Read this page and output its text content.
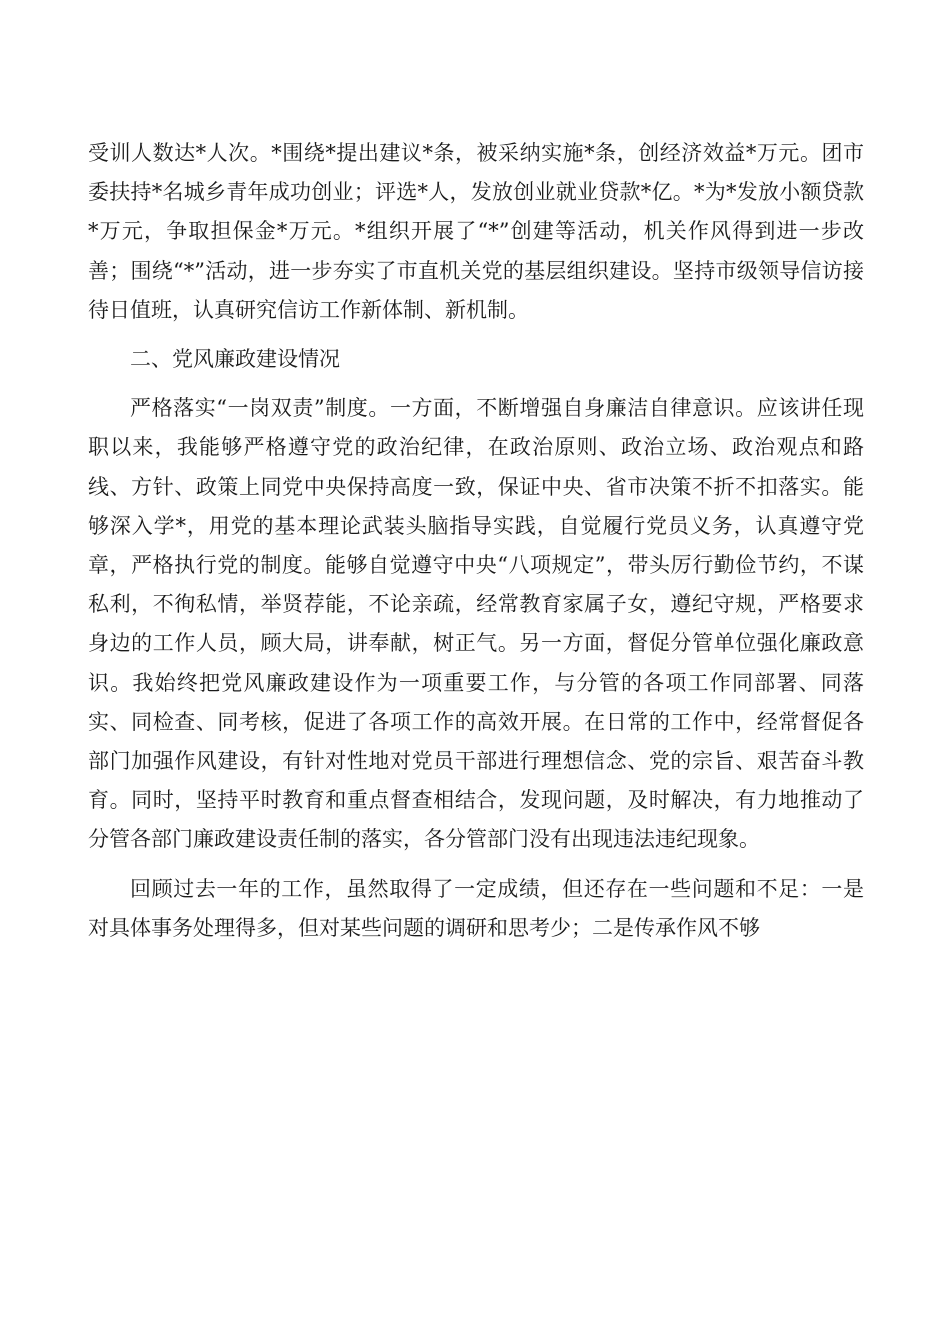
受训人数达*人次。*围绕*提出建议*条，被采纳实施*条，创经济效益*万元。团市委扶持*名城乡青年成功创业；评选*人，发放创业就业贷款*亿。*为*发放小额贷款*万元，争取担保金*万元。*组织开展了“*”创建等活动，机关作风得到进一步改善；围绕“*”活动，进一步夯实了市直机关党的基层组织建设。坚持市级领导信访接待日值班，认真研究信访工作新体制、新机制。

二、党风廉政建设情况

严格落实“一岗双责”制度。一方面，不断增强自身廉洁自律意识。应该讲任现职以来，我能够严格遵守党的政治纪律，在政治原则、政治立场、政治观点和路线、方针、政策上同党中央保持高度一致，保证中央、省市决策不折不扣落实。能够深入学*，用党的基本理论武装头脑指导实践，自觉履行党员义务，认真遵守党章，严格执行党的制度。能够自觉遵守中央“八项规定”，带头厉行勤俭节约，不谋私利，不徇私情，举贤荐能，不论亲疏，经常教育家属子女，遵纪守规，严格要求身边的工作人员，顾大局，讲奉献，树正气。另一方面，督促分管单位强化廉政意识。我始终把党风廉政建设作为一项重要工作，与分管的各项工作同部署、同落实、同检查、同考核，促进了各项工作的高效开展。在日常的工作中，经常督促各部门加强作风建设，有针对性地对党员干部进行理想信念、党的宗旨、艰苦奋斗教育。同时，坚持平时教育和重点督查相结合，发现问题，及时解决，有力地推动了分管各部门廉政建设责任制的落实，各分管部门没有出现违法违纪现象。

回顾过去一年的工作，虽然取得了一定成绩，但还存在一些问题和不足：一是对具体事务处理得多，但对某些问题的调研和思考少；二是传承作风不够
